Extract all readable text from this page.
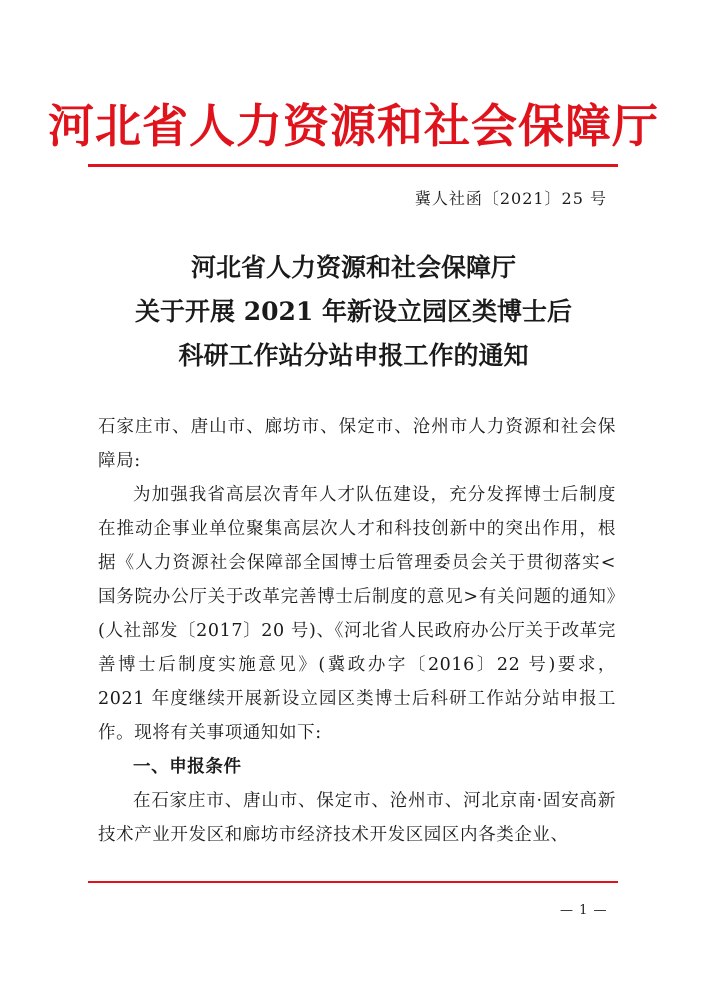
河北省人力资源和社会保障厅
冀人社函〔2021〕25 号
河北省人力资源和社会保障厅
关于开展 2021 年新设立园区类博士后
科研工作站分站申报工作的通知

石家庄市、唐山市、廊坊市、保定市、沧州市人力资源和社会保障局:

为加强我省高层次青年人才队伍建设，充分发挥博士后制度在推动企事业单位聚集高层次人才和科技创新中的突出作用，根据《人力资源社会保障部全国博士后管理委员会关于贯彻落实<国务院办公厅关于改革完善博士后制度的意见>有关问题的通知》(人社部发〔2017〕20 号)、《河北省人民政府办公厅关于改革完善博士后制度实施意见》(冀政办字〔2016〕22 号)要求，2021 年度继续开展新设立园区类博士后科研工作站分站申报工作。现将有关事项通知如下:

一、申报条件

在石家庄市、唐山市、保定市、沧州市、河北京南·固安高新技术产业开发区和廊坊市经济技术开发区园区内各类企业、

— 1 —
